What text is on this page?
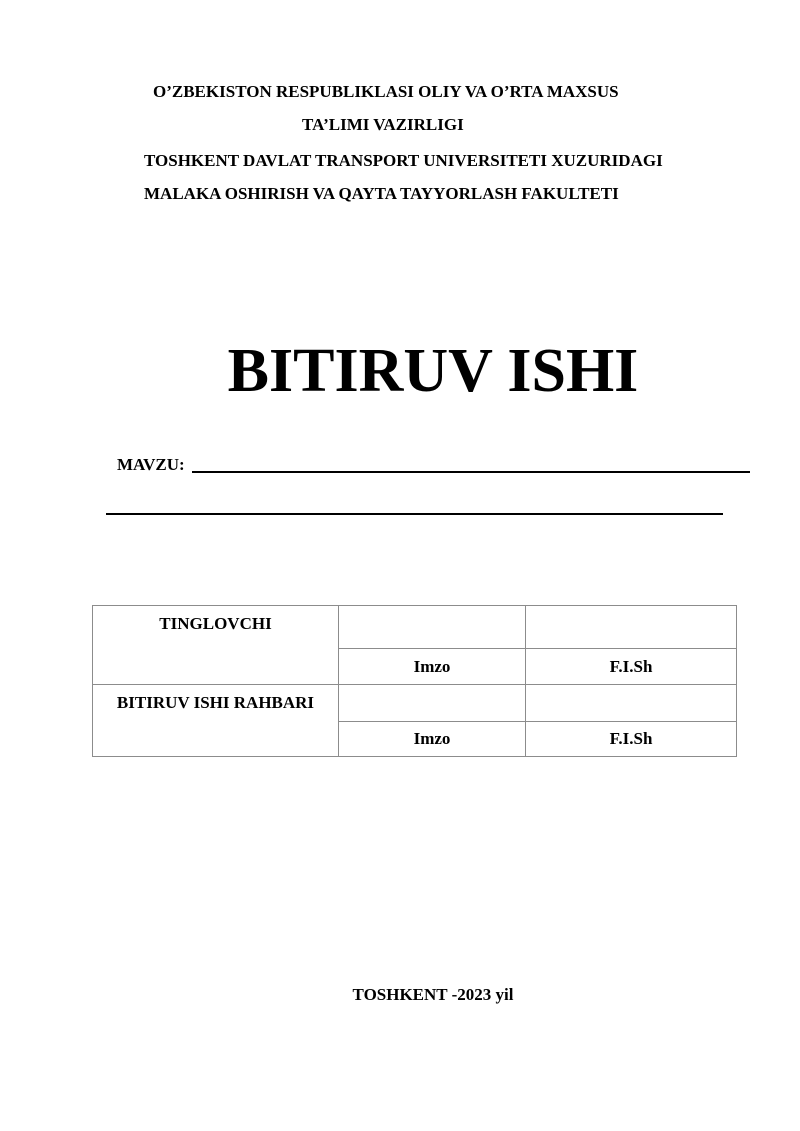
O’ZBEKISTON RESPUBLIKLASI OLIY VA O’RTA MAXSUS
TA’LIMI VAZIRLIGI
TOSHKENT DAVLAT TRANSPORT UNIVERSITETI XUZURIDAGI
MALAKA OSHIRISH VA QAYTA TAYYORLASH FAKULTETI
BITIRUV ISHI
MAVZU:
TINGLOVCHI		
	Imzo	F.I.Sh
BITIRUV ISHI RAHBARI		
	Imzo	F.I.Sh
TOSHKENT -2023 yil
